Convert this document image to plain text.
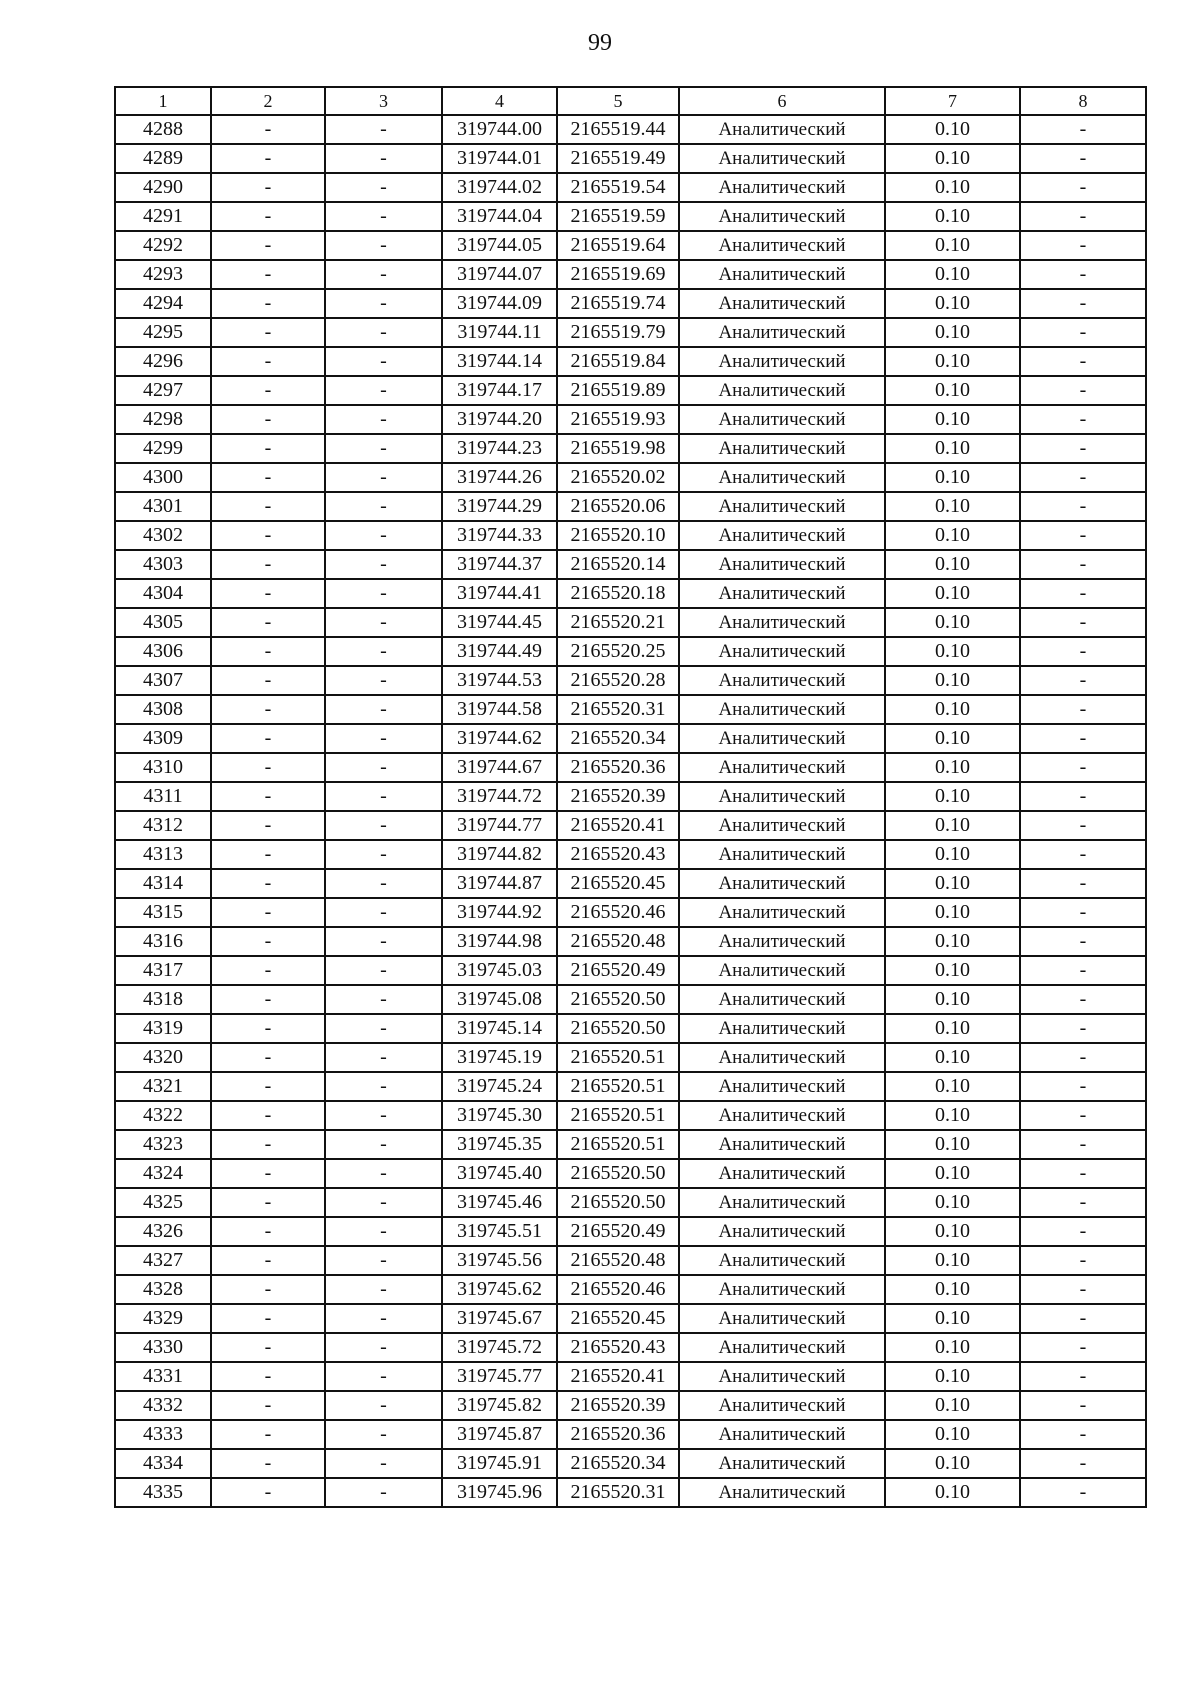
99
1	2	3	4	5	6	7	8
4288	-	-	319744.00	2165519.44	Аналитический	0.10	-
4289	-	-	319744.01	2165519.49	Аналитический	0.10	-
4290	-	-	319744.02	2165519.54	Аналитический	0.10	-
4291	-	-	319744.04	2165519.59	Аналитический	0.10	-
4292	-	-	319744.05	2165519.64	Аналитический	0.10	-
4293	-	-	319744.07	2165519.69	Аналитический	0.10	-
4294	-	-	319744.09	2165519.74	Аналитический	0.10	-
4295	-	-	319744.11	2165519.79	Аналитический	0.10	-
4296	-	-	319744.14	2165519.84	Аналитический	0.10	-
4297	-	-	319744.17	2165519.89	Аналитический	0.10	-
4298	-	-	319744.20	2165519.93	Аналитический	0.10	-
4299	-	-	319744.23	2165519.98	Аналитический	0.10	-
4300	-	-	319744.26	2165520.02	Аналитический	0.10	-
4301	-	-	319744.29	2165520.06	Аналитический	0.10	-
4302	-	-	319744.33	2165520.10	Аналитический	0.10	-
4303	-	-	319744.37	2165520.14	Аналитический	0.10	-
4304	-	-	319744.41	2165520.18	Аналитический	0.10	-
4305	-	-	319744.45	2165520.21	Аналитический	0.10	-
4306	-	-	319744.49	2165520.25	Аналитический	0.10	-
4307	-	-	319744.53	2165520.28	Аналитический	0.10	-
4308	-	-	319744.58	2165520.31	Аналитический	0.10	-
4309	-	-	319744.62	2165520.34	Аналитический	0.10	-
4310	-	-	319744.67	2165520.36	Аналитический	0.10	-
4311	-	-	319744.72	2165520.39	Аналитический	0.10	-
4312	-	-	319744.77	2165520.41	Аналитический	0.10	-
4313	-	-	319744.82	2165520.43	Аналитический	0.10	-
4314	-	-	319744.87	2165520.45	Аналитический	0.10	-
4315	-	-	319744.92	2165520.46	Аналитический	0.10	-
4316	-	-	319744.98	2165520.48	Аналитический	0.10	-
4317	-	-	319745.03	2165520.49	Аналитический	0.10	-
4318	-	-	319745.08	2165520.50	Аналитический	0.10	-
4319	-	-	319745.14	2165520.50	Аналитический	0.10	-
4320	-	-	319745.19	2165520.51	Аналитический	0.10	-
4321	-	-	319745.24	2165520.51	Аналитический	0.10	-
4322	-	-	319745.30	2165520.51	Аналитический	0.10	-
4323	-	-	319745.35	2165520.51	Аналитический	0.10	-
4324	-	-	319745.40	2165520.50	Аналитический	0.10	-
4325	-	-	319745.46	2165520.50	Аналитический	0.10	-
4326	-	-	319745.51	2165520.49	Аналитический	0.10	-
4327	-	-	319745.56	2165520.48	Аналитический	0.10	-
4328	-	-	319745.62	2165520.46	Аналитический	0.10	-
4329	-	-	319745.67	2165520.45	Аналитический	0.10	-
4330	-	-	319745.72	2165520.43	Аналитический	0.10	-
4331	-	-	319745.77	2165520.41	Аналитический	0.10	-
4332	-	-	319745.82	2165520.39	Аналитический	0.10	-
4333	-	-	319745.87	2165520.36	Аналитический	0.10	-
4334	-	-	319745.91	2165520.34	Аналитический	0.10	-
4335	-	-	319745.96	2165520.31	Аналитический	0.10	-
